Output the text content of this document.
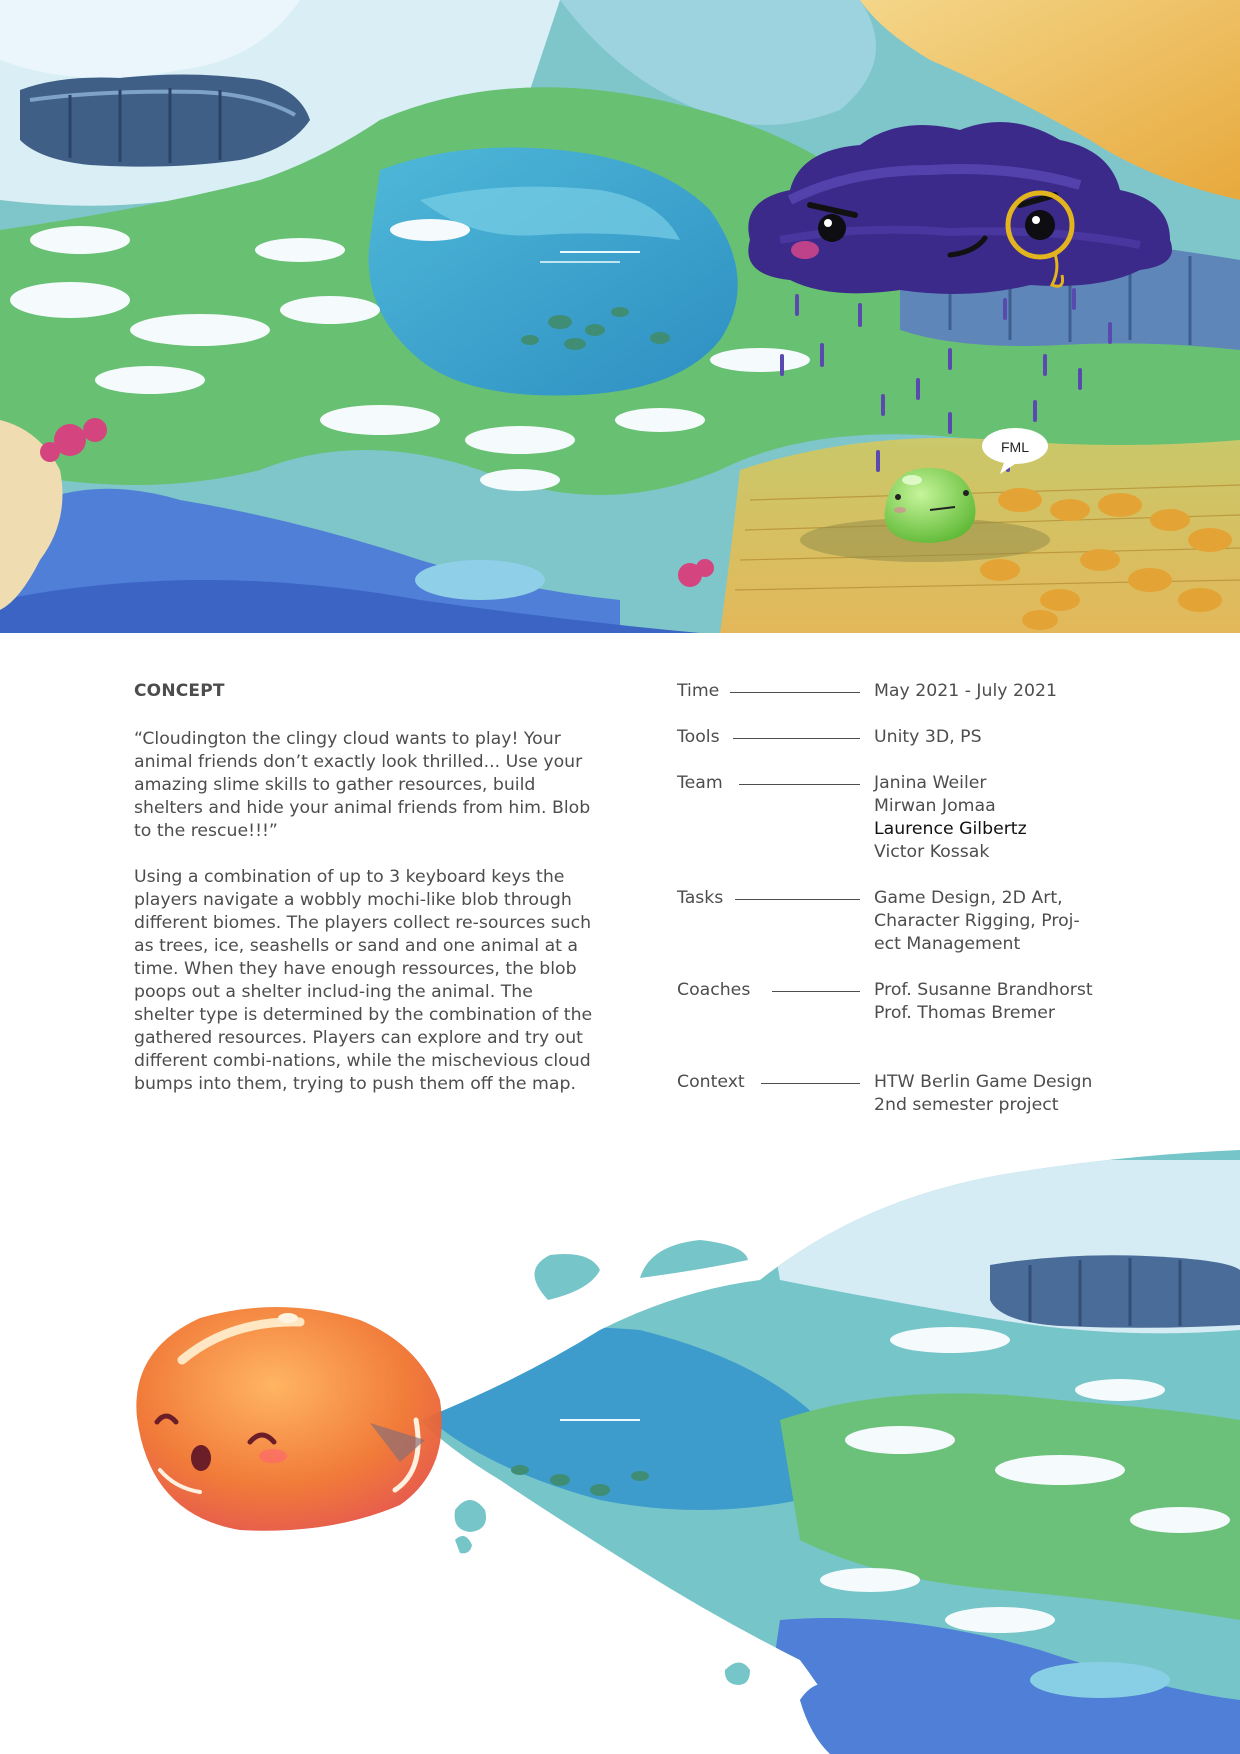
FML
CONCEPT

“Cloudington the clingy cloud wants to play! Your animal friends don’t exactly look thrilled... Use your amazing slime skills to gather resources, build shelters and hide your animal friends from him. Blob to the rescue!!!”

Using a combination of up to 3 keyboard keys the players navigate a wobbly mochi-like blob through different biomes. The players collect re-sources such as trees, ice, seashells or sand and one animal at a time. When they have enough ressources, the blob poops out a shelter includ-ing the animal. The shelter type is determined by the combination of the gathered resources. Players can explore and try out different combi-nations, while the mischevious cloud bumps into them, trying to push them off the map.

Time	May 2021 - July 2021
Tools	Unity 3D, PS
Team	Janina Weiler
Mirwan Jomaa
Laurence Gilbertz
Victor Kossak
Tasks	Game Design, 2D Art,
Character Rigging, Proj-
ect Management
Coaches	Prof. Susanne Brandhorst
Prof. Thomas Bremer
Context	HTW Berlin Game Design
2nd semester project
